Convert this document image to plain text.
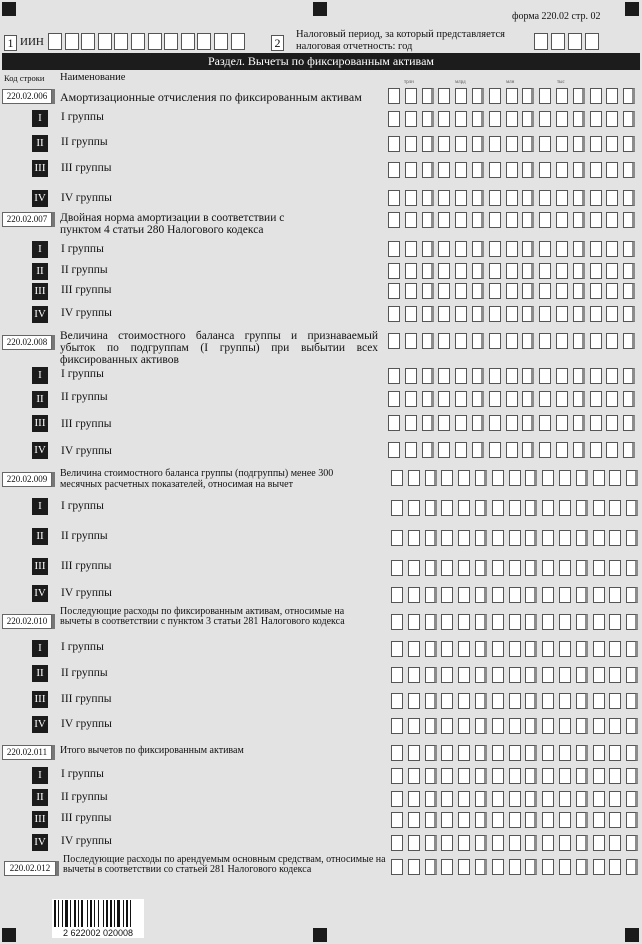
форма 220.02 стр. 02
1 ИИН	2
Налоговый период, за который представляется налоговая отчетность: год
Раздел. Вычеты по фиксированным активам
Код строки Наименование	трлн	млрд	млн	тыс
220.02.006	Амортизационные отчисления по фиксированным активам
I	I группы
II	II группы
III III группы
IV IV группы
220.02.007	Двойная норма амортизации в соответствии с пунктом 4 статьи 280 Налогового кодекса
I	I группы
II	II группы
III III группы
IV IV группы
220.02.008	Величина стоимостного баланса группы и признаваемый убыток по подгруппам (I группы) при выбытии всех фиксированных активов
I	I группы
II	II группы
III III группы
IV IV группы
220.02.009	Величина стоимостного баланса группы (подгруппы) менее 300 месячных расчетных показателей, относимая на вычет
I	I группы
II	II группы
III III группы
IV IV группы
220.02.010
Последующие расходы по фиксированным активам, относимые на вычеты в соответствии с пунктом 3 статьи 281 Налогового кодекса
I	I группы
II	II группы
III III группы
IV IV группы
220.02.011	Итого вычетов по фиксированным активам
I	I группы
II	II группы
III III группы
IV IV группы
220.02.012
Последующие расходы по арендуемым основным средствам, относимые на вычеты в соответствии со статьей 281 Налогового кодекса
2 622002 020008
